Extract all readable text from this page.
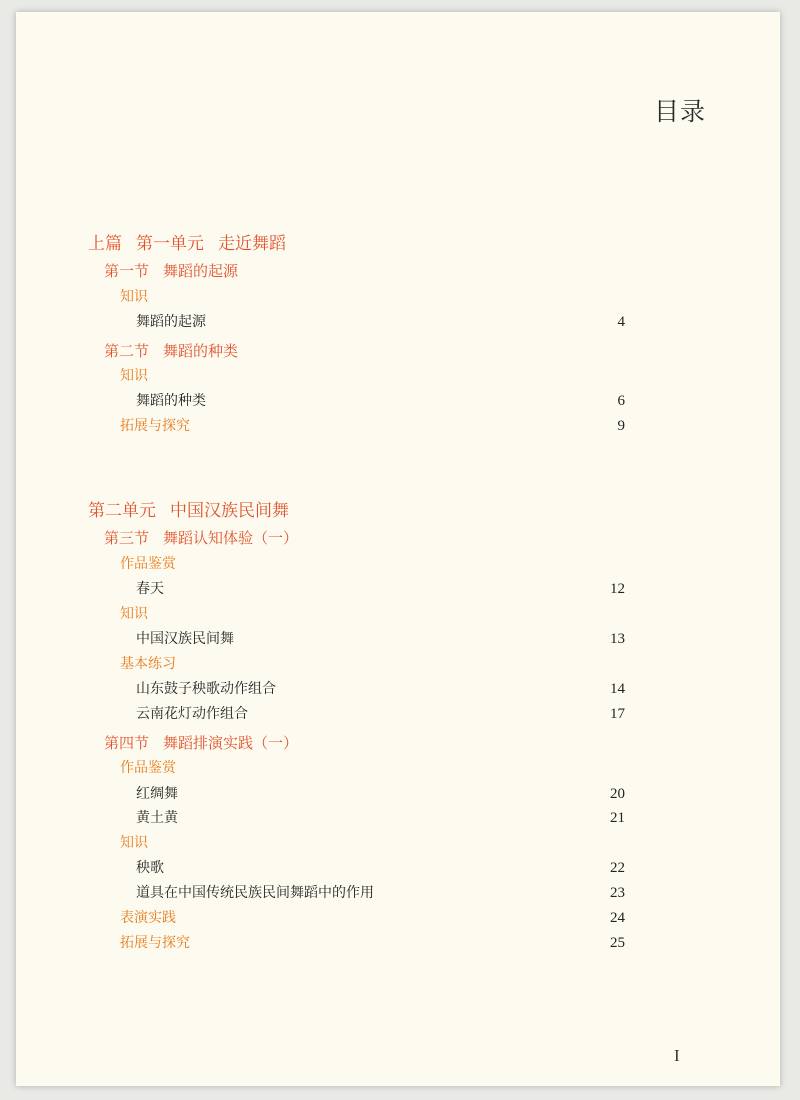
目录
上篇 第一单元 走近舞蹈
第一节 舞蹈的起源
知识
舞蹈的起源	4
第二节 舞蹈的种类
知识
舞蹈的种类	6
拓展与探究	9
第二单元 中国汉族民间舞
第三节 舞蹈认知体验（一）
作品鉴赏
春天	12
知识
中国汉族民间舞	13
基本练习
山东鼓子秧歌动作组合	14
云南花灯动作组合	17
第四节 舞蹈排演实践（一）
作品鉴赏
红绸舞	20
黄土黄	21
知识
秧歌	22
道具在中国传统民族民间舞蹈中的作用	23
表演实践	24
拓展与探究	25
I
